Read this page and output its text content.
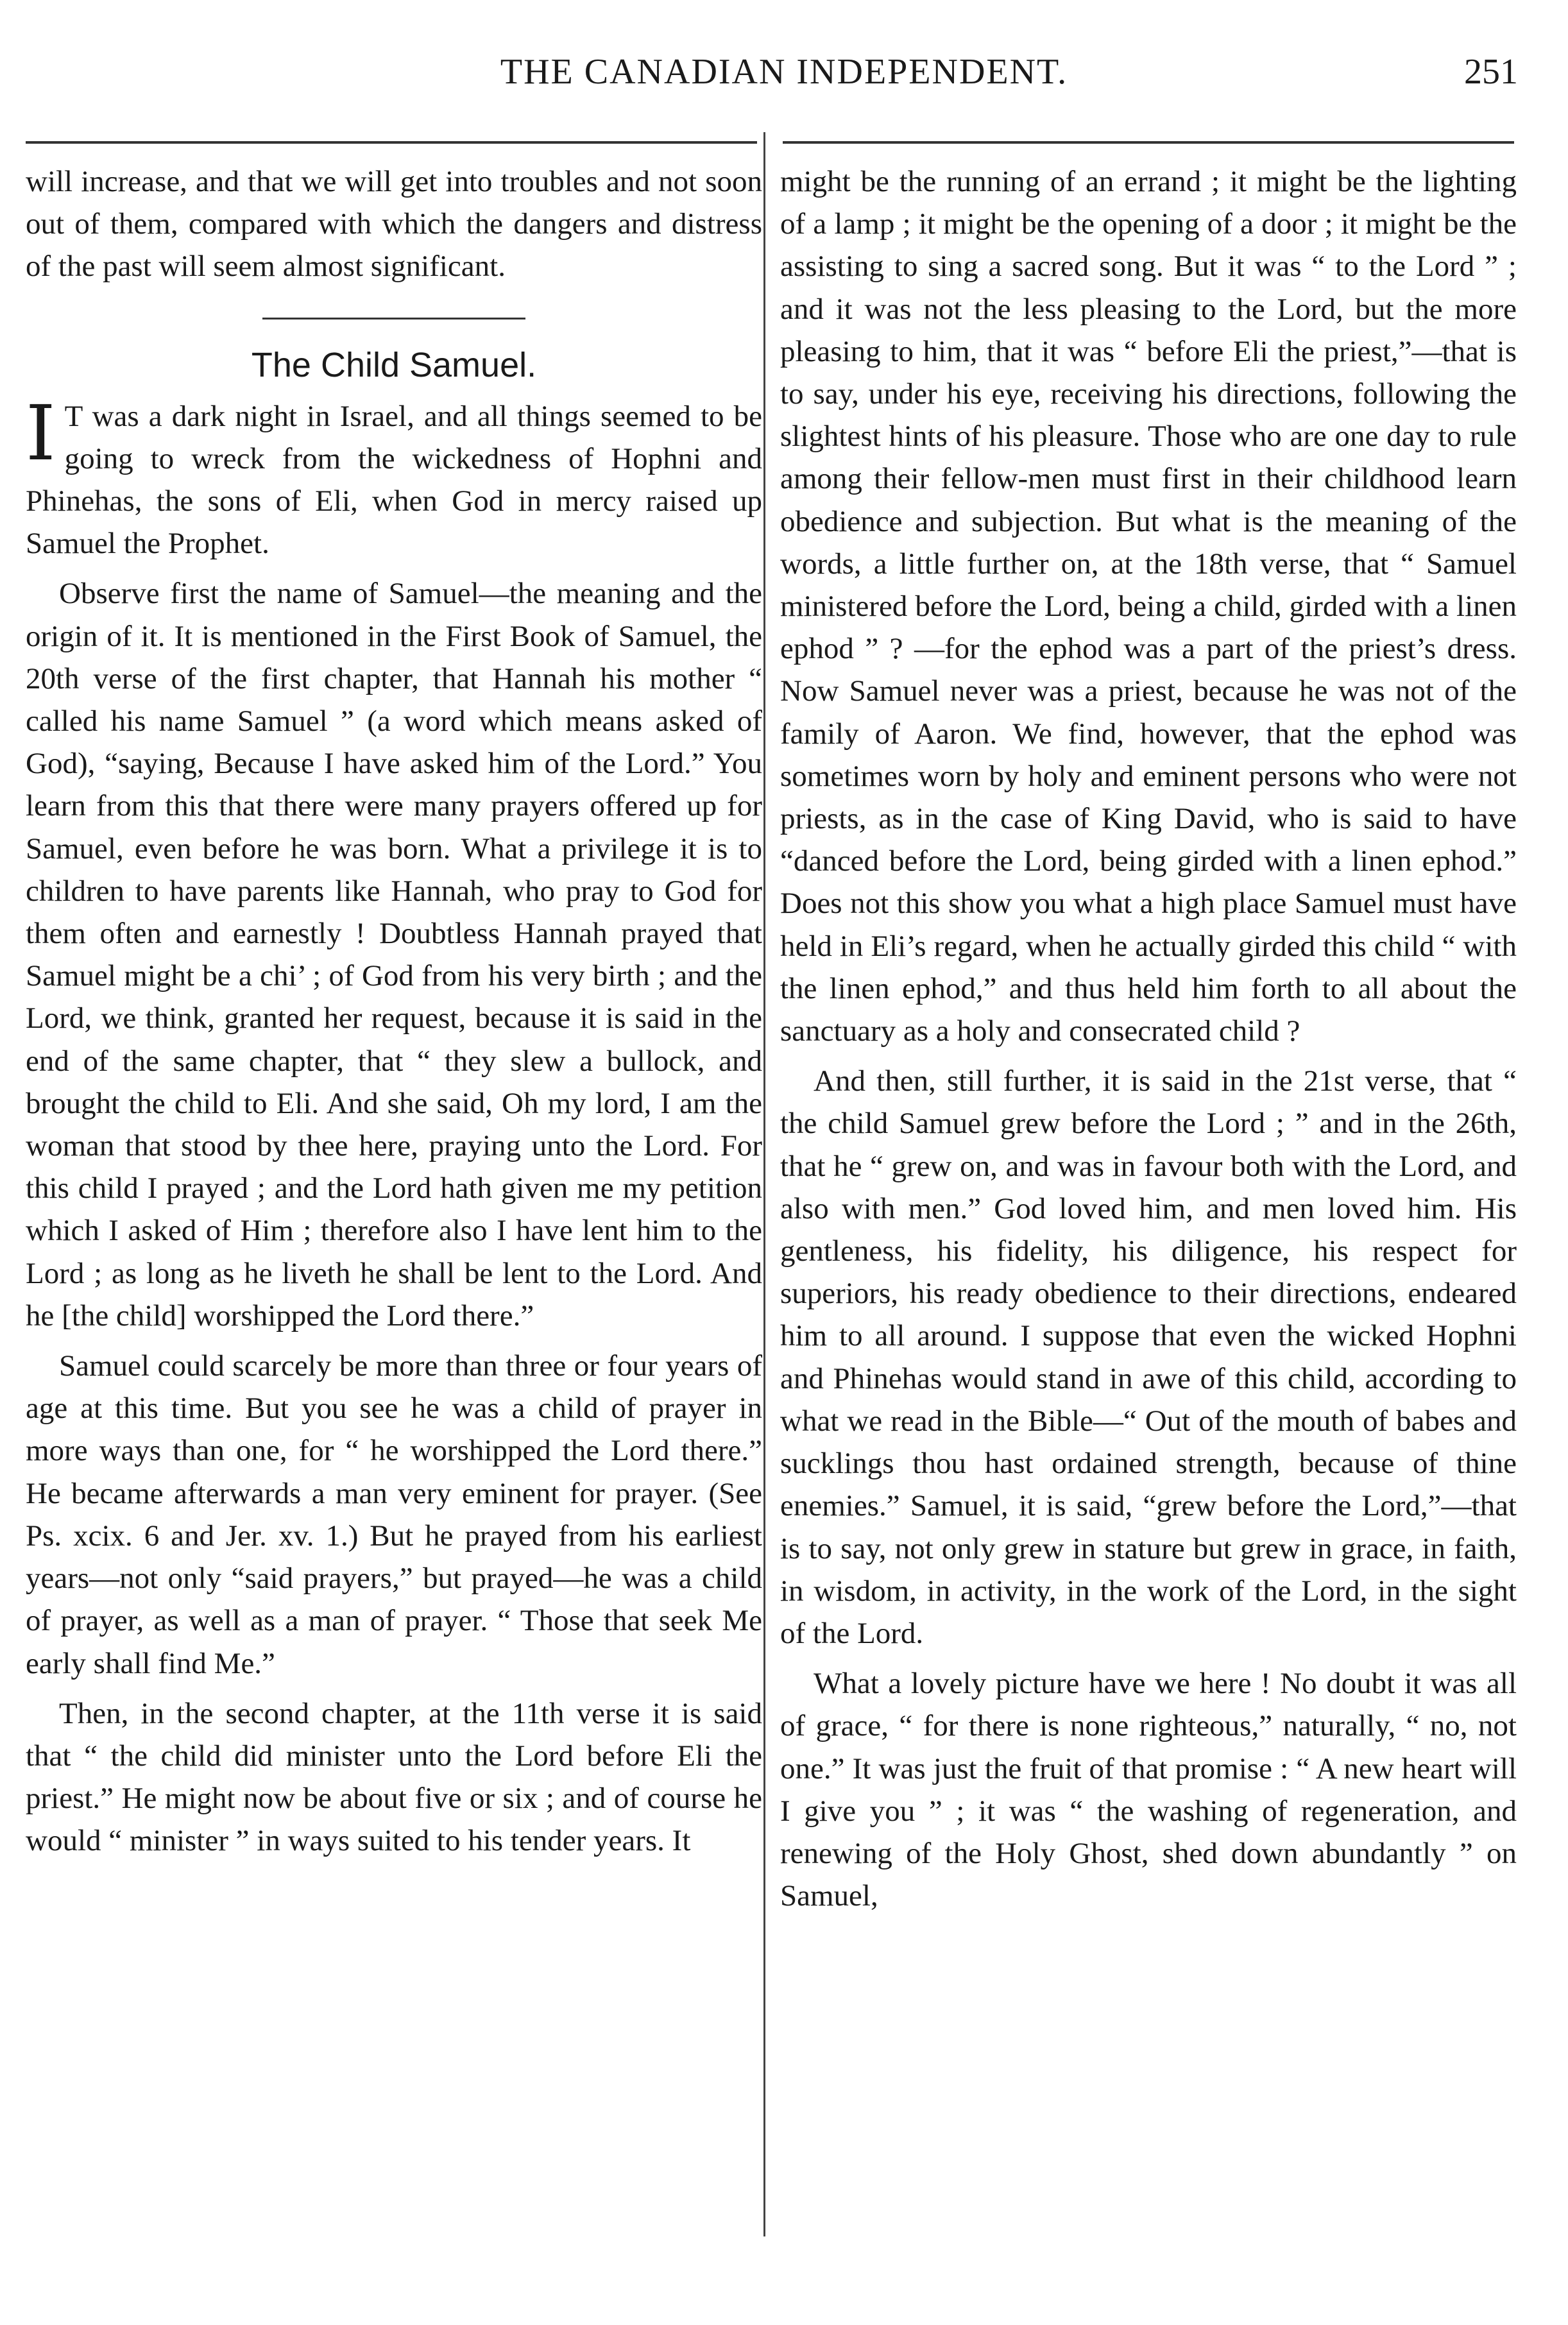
THE CANADIAN INDEPENDENT.	251

will increase, and that we will get into troubles and not soon out of them, compared with which the dangers and distress of the past will seem almost significant.

The Child Samuel.

I T was a dark night in Israel, and all things seemed to be going to wreck from the wickedness of Hophni and Phinehas, the sons of Eli, when God in mercy raised up Samuel the Prophet.

Observe first the name of Samuel—the meaning and the origin of it. It is mentioned in the First Book of Samuel, the 20th verse of the first chapter, that Hannah his mother “ called his name Samuel ” (a word which means asked of God), “saying, Because I have asked him of the Lord.” You learn from this that there were many prayers offered up for Samuel, even before he was born. What a privilege it is to children to have parents like Hannah, who pray to God for them often and earnestly ! Doubtless Hannah prayed that Samuel might be a chi’ ; of God from his very birth ; and the Lord, we think, granted her request, because it is said in the end of the same chapter, that “ they slew a bullock, and brought the child to Eli. And she said, Oh my lord, I am the woman that stood by thee here, praying unto the Lord. For this child I prayed ; and the Lord hath given me my petition which I asked of Him ; therefore also I have lent him to the Lord ; as long as he liveth he shall be lent to the Lord. And he [the child] worshipped the Lord there.”

Samuel could scarcely be more than three or four years of age at this time. But you see he was a child of prayer in more ways than one, for “ he worshipped the Lord there.” He became afterwards a man very eminent for prayer. (See Ps. xcix. 6 and Jer. xv. 1.) But he prayed from his earliest years—not only “said prayers,” but prayed—he was a child of prayer, as well as a man of prayer. “ Those that seek Me early shall find Me.”

Then, in the second chapter, at the 11th verse it is said that “ the child did minister unto the Lord before Eli the priest.” He might now be about five or six ; and of course he would “ minister ” in ways suited to his tender years. It

might be the running of an errand ; it might be the lighting of a lamp ; it might be the opening of a door ; it might be the assisting to sing a sacred song. But it was “ to the Lord ” ; and it was not the less pleasing to the Lord, but the more pleasing to him, that it was “ before Eli the priest,”—that is to say, under his eye, receiving his directions, following the slightest hints of his pleasure. Those who are one day to rule among their fellow-men must first in their childhood learn obedience and subjection. But what is the meaning of the words, a little further on, at the 18th verse, that “ Samuel ministered before the Lord, being a child, girded with a linen ephod ” ? —for the ephod was a part of the priest’s dress. Now Samuel never was a priest, because he was not of the family of Aaron. We find, however, that the ephod was sometimes worn by holy and eminent persons who were not priests, as in the case of King David, who is said to have “danced before the Lord, being girded with a linen ephod.” Does not this show you what a high place Samuel must have held in Eli’s regard, when he actually girded this child “ with the linen ephod,” and thus held him forth to all about the sanctuary as a holy and consecrated child ?

And then, still further, it is said in the 21st verse, that “ the child Samuel grew before the Lord ; ” and in the 26th, that he “ grew on, and was in favour both with the Lord, and also with men.” God loved him, and men loved him. His gentleness, his fidelity, his diligence, his respect for superiors, his ready obedience to their directions, endeared him to all around. I suppose that even the wicked Hophni and Phinehas would stand in awe of this child, according to what we read in the Bible—“ Out of the mouth of babes and sucklings thou hast ordained strength, because of thine enemies.” Samuel, it is said, “grew before the Lord,”—that is to say, not only grew in stature but grew in grace, in faith, in wisdom, in activity, in the work of the Lord, in the sight of the Lord.

What a lovely picture have we here ! No doubt it was all of grace, “ for there is none righteous,” naturally, “ no, not one.” It was just the fruit of that promise : “ A new heart will I give you ” ; it was “ the washing of regeneration, and renewing of the Holy Ghost, shed down abundantly ” on Samuel,
